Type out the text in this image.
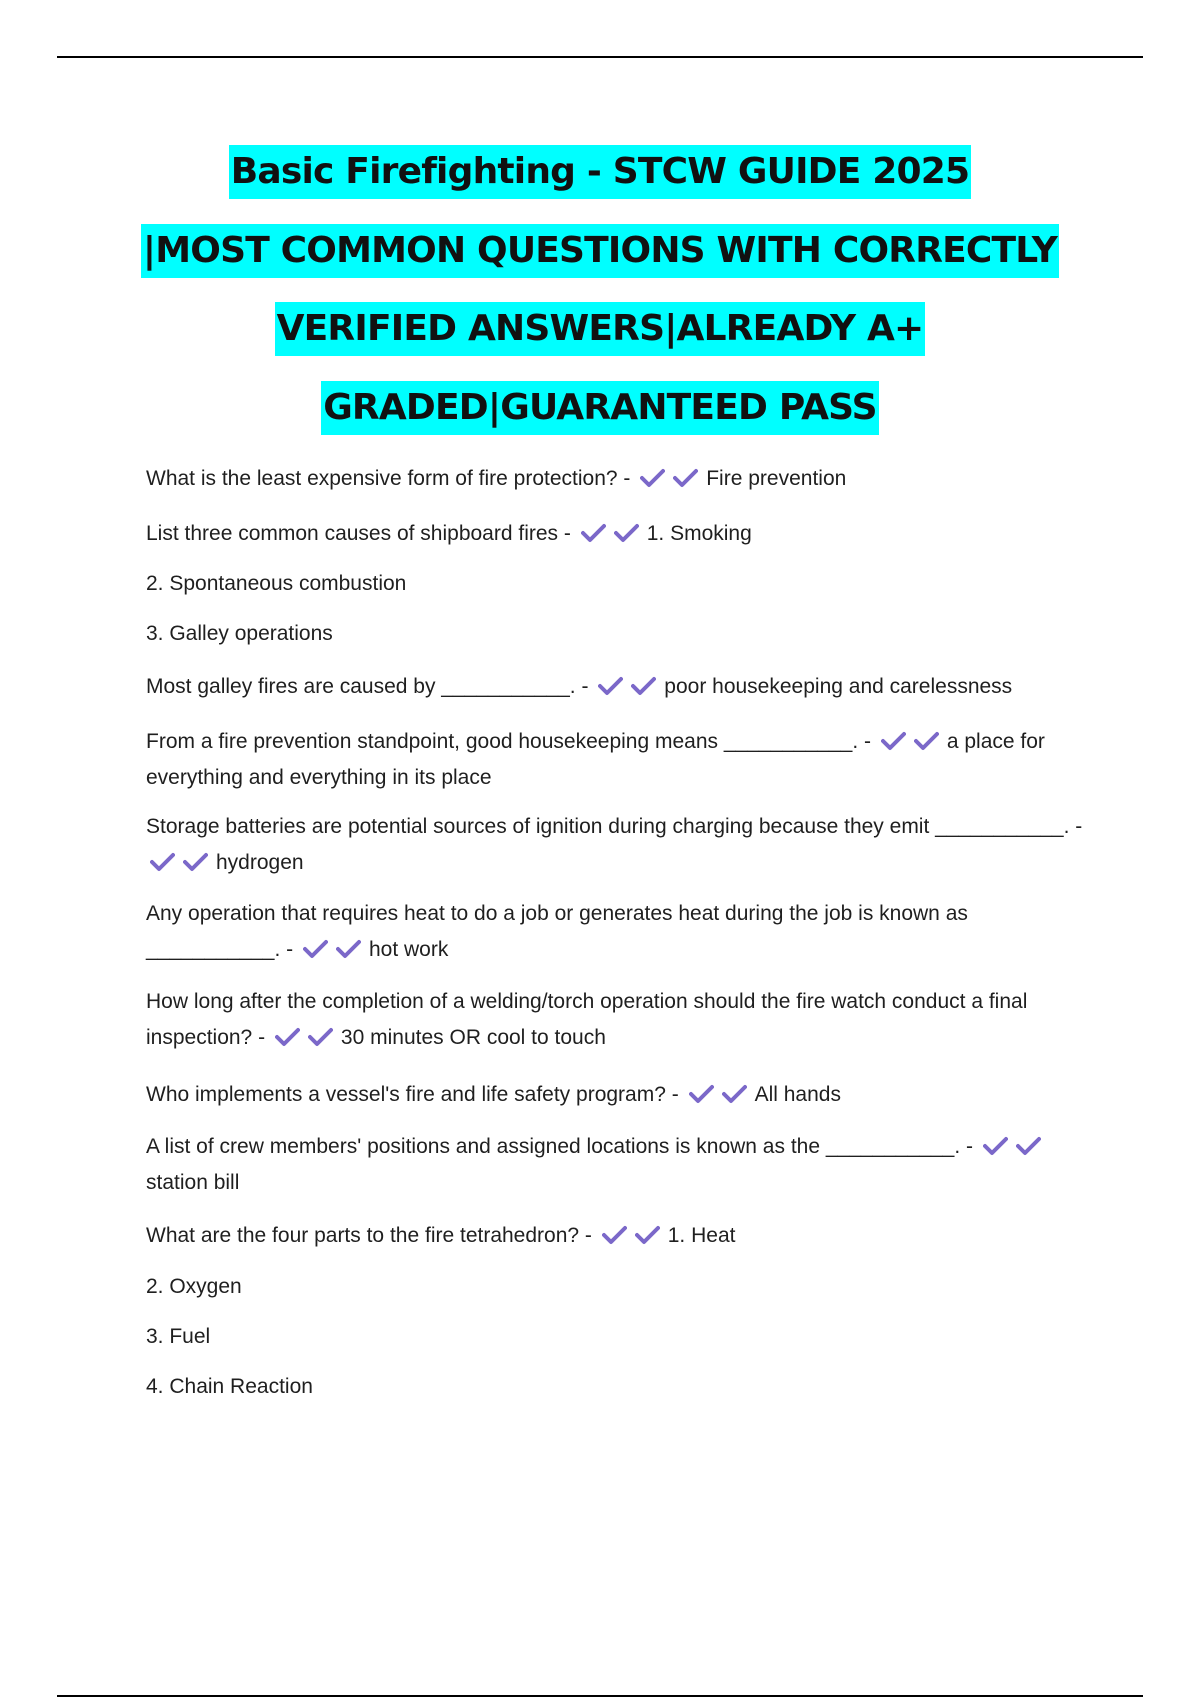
Basic Firefighting - STCW GUIDE 2025
|MOST COMMON QUESTIONS WITH CORRECTLY
VERIFIED ANSWERS|ALREADY A+
GRADED|GUARANTEED PASS
What is the least expensive form of fire protection? -	Fire prevention
List three common causes of shipboard fires -	1. Smoking
2. Spontaneous combustion
3. Galley operations
Most galley fires are caused by ___________. -	poor housekeeping and carelessness
From a fire prevention standpoint, good housekeeping means ___________. -	a place for everything and everything in its place
Storage batteries are potential sources of ignition during charging because they emit ___________. -
hydrogen
Any operation that requires heat to do a job or generates heat during the job is known as ___________. -	hot work
How long after the completion of a welding/torch operation should the fire watch conduct a final inspection? -	30 minutes OR cool to touch
Who implements a vessel's fire and life safety program? -	All hands
A list of crew members' positions and assigned locations is known as the ___________. -
station bill
What are the four parts to the fire tetrahedron? -	1. Heat
2. Oxygen
3. Fuel
4. Chain Reaction
